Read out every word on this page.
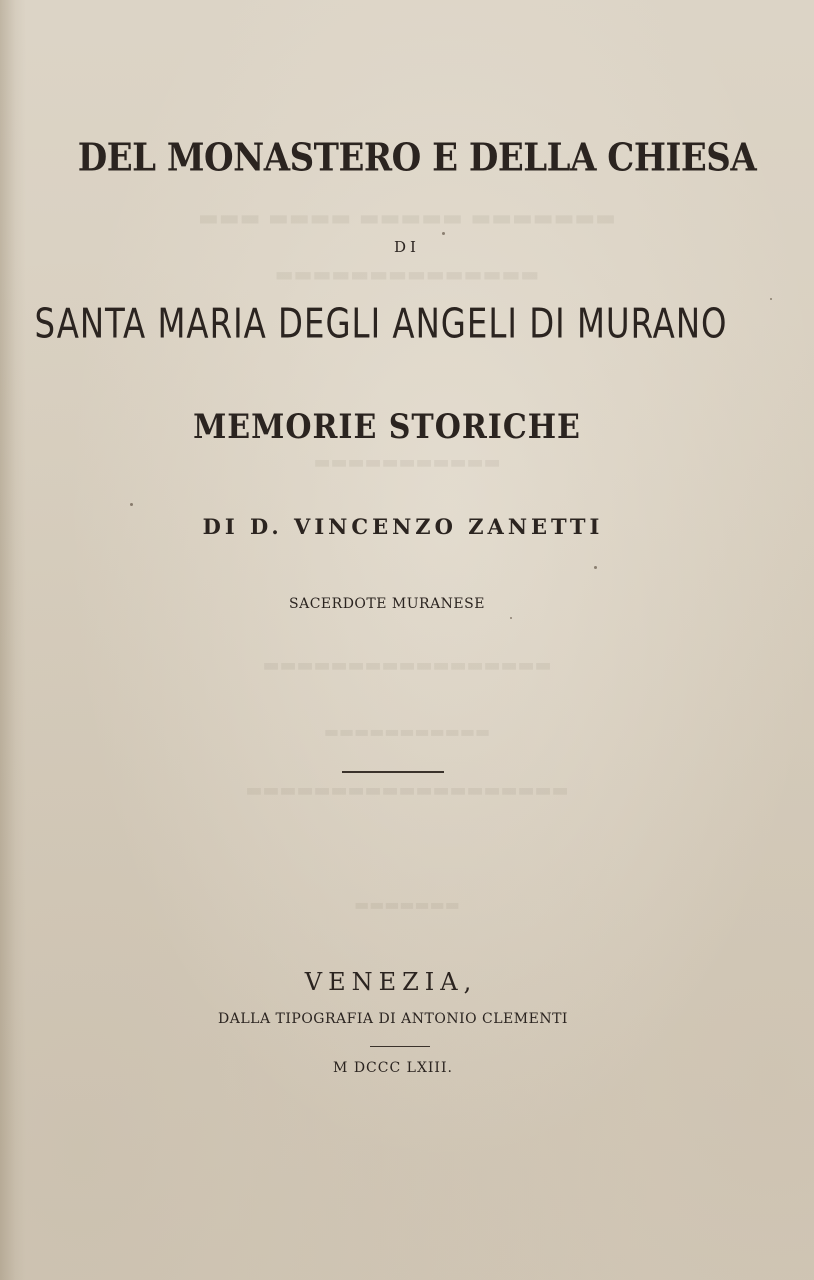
▬▬▬ ▬▬▬▬ ▬▬▬▬▬ ▬▬▬▬▬▬▬
▬▬▬▬▬▬▬▬▬▬▬▬▬▬
▬▬▬▬▬▬▬▬▬▬▬
▬▬▬▬▬▬▬▬▬▬▬▬▬▬▬▬▬
▬▬▬▬▬▬▬▬▬▬▬
▬▬▬▬▬▬▬▬▬▬▬▬▬▬▬▬▬▬▬
▬▬▬▬▬▬▬

DEL MONASTERO E DELLA CHIESA

DI

SANTA MARIA DEGLI ANGELI DI MURANO

MEMORIE STORICHE

DI D. VINCENZO ZANETTI

SACERDOTE MURANESE

VENEZIA,

DALLA TIPOGRAFIA DI ANTONIO CLEMENTI

M DCCC LXIII.
